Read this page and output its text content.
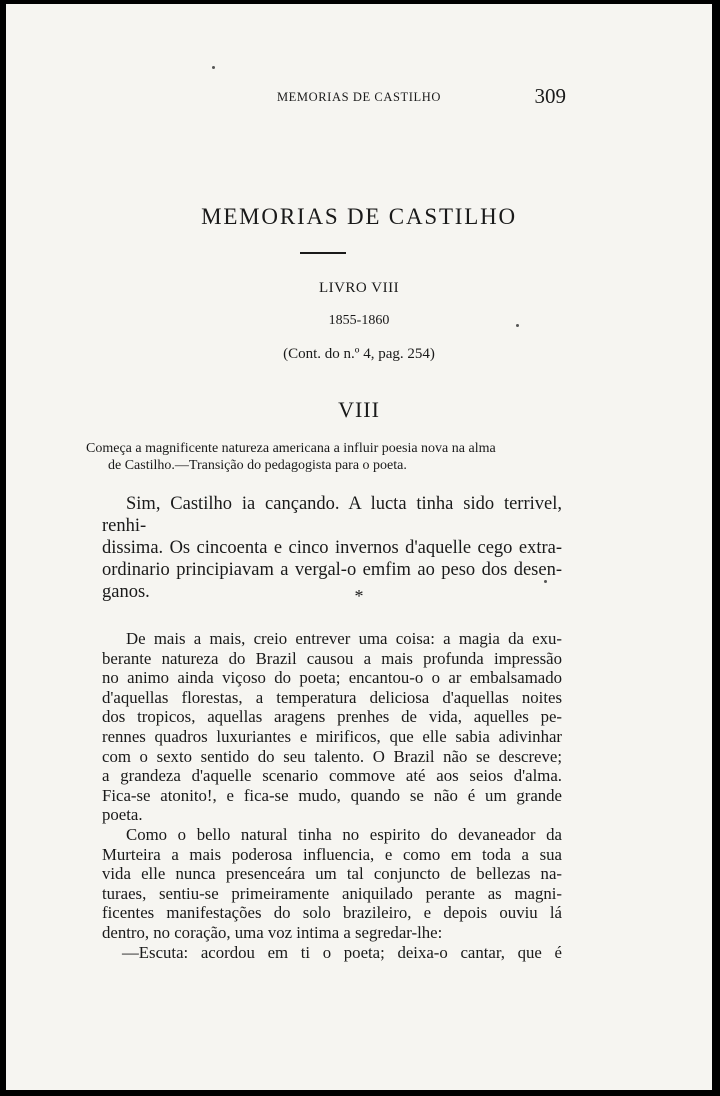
MEMORIAS DE CASTILHO	309
MEMORIAS DE CASTILHO
LIVRO VIII
1855-1860
(Cont. do n.º 4, pag. 254)
VIII
Começa a magnificente natureza americana a influir poesia nova na alma
de Castilho.—Transição do pedagogista para o poeta.
Sim, Castilho ia cançando. A lucta tinha sido terrivel, renhi-
dissima. Os cincoenta e cinco invernos d'aquelle cego extra-
ordinario principiavam a vergal-o emfim ao peso dos desen-
ganos.	*
De mais a mais, creio entrever uma coisa: a magia da exu-
berante natureza do Brazil causou a mais profunda impressão
no animo ainda viçoso do poeta; encantou-o o ar embalsamado
d'aquellas florestas, a temperatura deliciosa d'aquellas noites
dos tropicos, aquellas aragens prenhes de vida, aquelles pe-
rennes quadros luxuriantes e mirificos, que elle sabia adivinhar
com o sexto sentido do seu talento. O Brazil não se descreve;
a grandeza d'aquelle scenario commove até aos seios d'alma.
Fica-se atonito!, e fica-se mudo, quando se não é um grande
poeta.
Como o bello natural tinha no espirito do devaneador da
Murteira a mais poderosa influencia, e como em toda a sua
vida elle nunca presenceára um tal conjuncto de bellezas na-
turaes, sentiu-se primeiramente aniquilado perante as magni-
ficentes manifestações do solo brazileiro, e depois ouviu lá
dentro, no coração, uma voz intima a segredar-lhe:
—Escuta: acordou em ti o poeta; deixa-o cantar, que é
